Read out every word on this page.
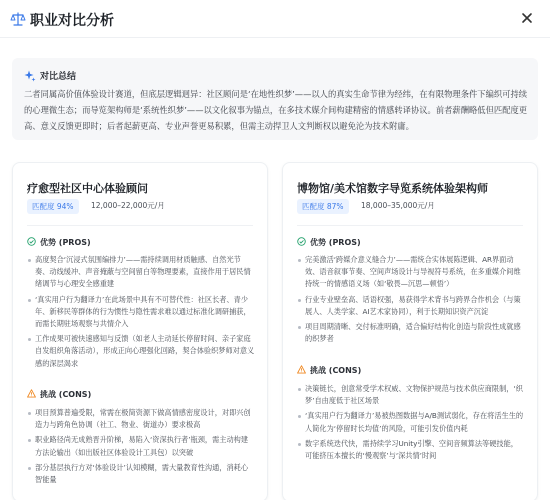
职业对比分析
对比总结
二者同属高价值体验设计赛道，但底层逻辑迥异：社区顾问是‘在地性织梦’——以人的真实生命节律为经纬，在有限物理条件下编织可持续的心理微生态；而导览架构师是‘系统性织梦’——以文化叙事为锚点，在多技术媒介间构建精密的情感转译协议。前者薪酬略低但匹配度更高、意义反馈更即时；后者起薪更高、专业声誉更易积累，但需主动捍卫人文判断权以避免沦为技术附庸。
疗愈型社区中心体验顾问
匹配度 94%	12,000–22,000元/月
优势 (PROS)
高度契合‘沉浸式氛围编排力’——需持续调用材质触感、自然光节奏、动线缓冲、声音掩蔽与空间留白等物理要素，直接作用于居民情绪调节与心理安全感重建
‘真实用户行为翻译力’在此场景中具有不可替代性：社区长者、青少年、新移民等群体的行为惯性与隐性需求难以通过标准化调研捕获，而需长期驻场观察与共情介入
工作成果可被快速感知与反馈（如老人主动延长停留时间、亲子家庭自发组织角落活动），形成正向心理强化回路，契合体验织梦师对意义感的深层渴求
挑战 (CONS)
项目预算普遍受限，常需在极简资源下做高情感密度设计，对即兴创造力与跨角色协调（社工、物业、街道办）要求极高
职业路径尚无成熟晋升阶梯，易陷入‘资深执行者’瓶颈，需主动构建方法论输出（如出版社区体验设计工具包）以突破
部分基层执行方对‘体验设计’认知模糊，需大量教育性沟通，消耗心智能量
博物馆/美术馆数字导览系统体验架构师
匹配度 87%	18,000–35,000元/月
优势 (PROS)
完美激活‘跨媒介意义缝合力’——需统合实体展陈逻辑、AR界面动效、语音叙事节奏、空间声场设计与导视符号系统，在多重媒介间维持统一的情感语义场（如‘敬畏—沉思—顿悟’）
行业专业壁垒高、话语权强，易获得学术背书与跨界合作机会（与策展人、人类学家、AI艺术家协同），利于长期知识资产沉淀
项目周期清晰、交付标准明确，适合偏好结构化创造与阶段性成就感的织梦者
挑战 (CONS)
决策链长，创意常受学术权威、文物保护规范与技术供应商限制，‘织梦’自由度低于社区场景
‘真实用户行为翻译力’易被热图数据与A/B测试弱化，存在将活生生的人简化为‘停留时长均值’的风险，可能引发价值内耗
数字系统迭代快，需持续学习Unity引擎、空间音频算法等硬技能，可能挤压本擅长的‘慢观察’与‘深共情’时间
